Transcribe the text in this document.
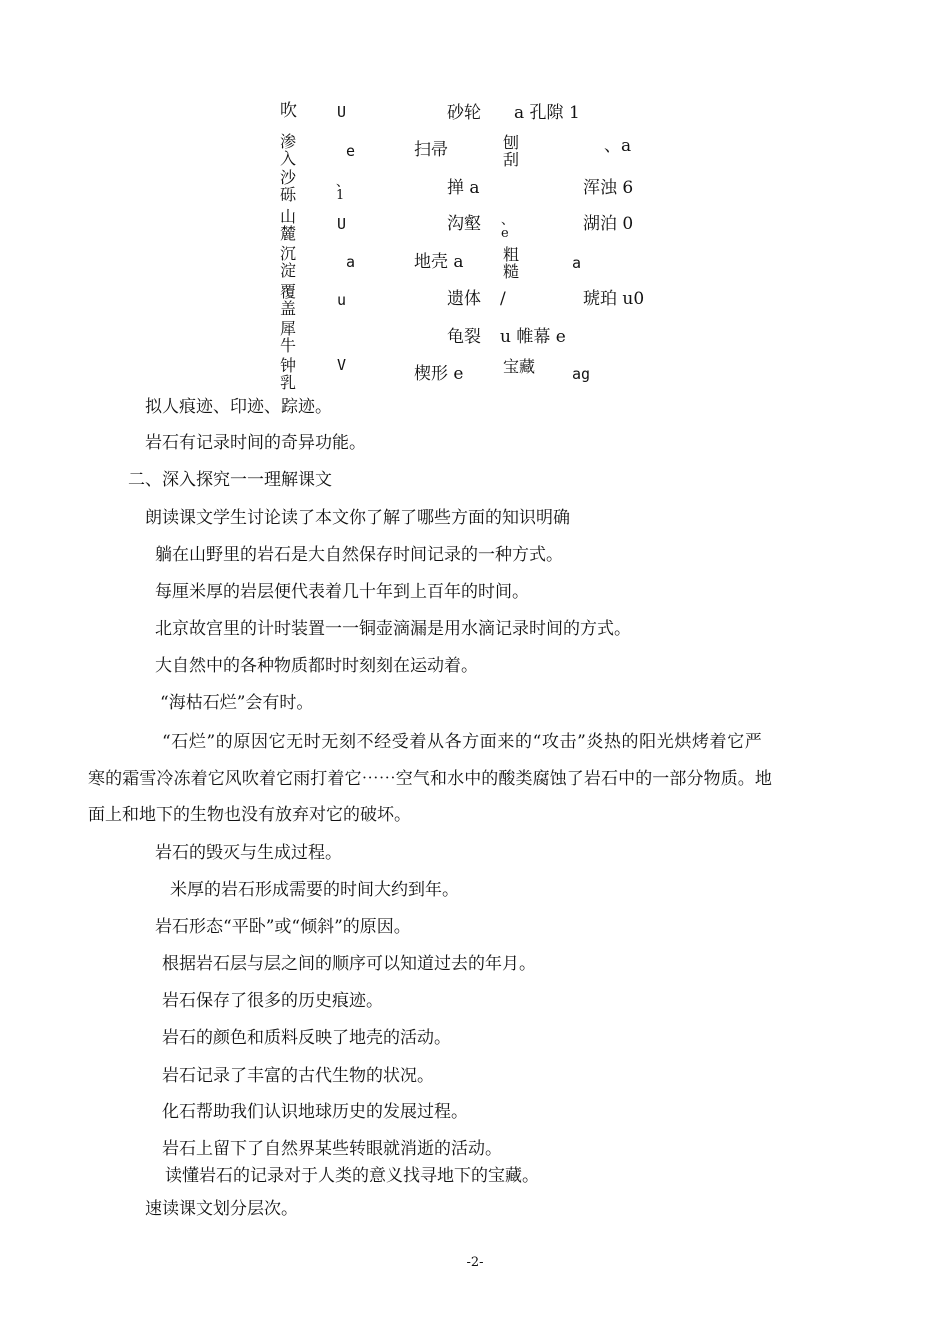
吹
渗入
沙砾
山麓
沉淀
覆盖
犀牛
钟乳
U
e
、 1
U
a
u
V
扫帚
地壳 a
楔形 e
砂轮
掸 a
沟壑
遗体
龟裂
a 孔隙 1
刨刮
、 e
粗糙
/
u 帷幕 e
宝藏
、a
浑浊 6
湖泊 0
a
琥珀 u0
ag
拟人痕迹、印迹、踪迹。
岩石有记录时间的奇异功能。
二、深入探究一一理解课文
朗读课文学生讨论读了本文你了解了哪些方面的知识明确
躺在山野里的岩石是大自然保存时间记录的一种方式。
每厘米厚的岩层便代表着几十年到上百年的时间。
北京故宫里的计时装置一一铜壶滴漏是用水滴记录时间的方式。
大自然中的各种物质都时时刻刻在运动着。
“海枯石烂”会有时。
“石烂”的原因它无时无刻不经受着从各方面来的“攻击”炎热的阳光烘烤着它严
寒的霜雪冷冻着它风吹着它雨打着它⋯⋯空气和水中的酸类腐蚀了岩石中的一部分物质。地
面上和地下的生物也没有放弃对它的破坏。
岩石的毁灭与生成过程。
米厚的岩石形成需要的时间大约到年。
岩石形态“平卧”或“倾斜”的原因。
根据岩石层与层之间的顺序可以知道过去的年月。
岩石保存了很多的历史痕迹。
岩石的颜色和质料反映了地壳的活动。
岩石记录了丰富的古代生物的状况。
化石帮助我们认识地球历史的发展过程。
岩石上留下了自然界某些转眼就消逝的活动。
读懂岩石的记录对于人类的意义找寻地下的宝藏。
速读课文划分层次。
-2-
